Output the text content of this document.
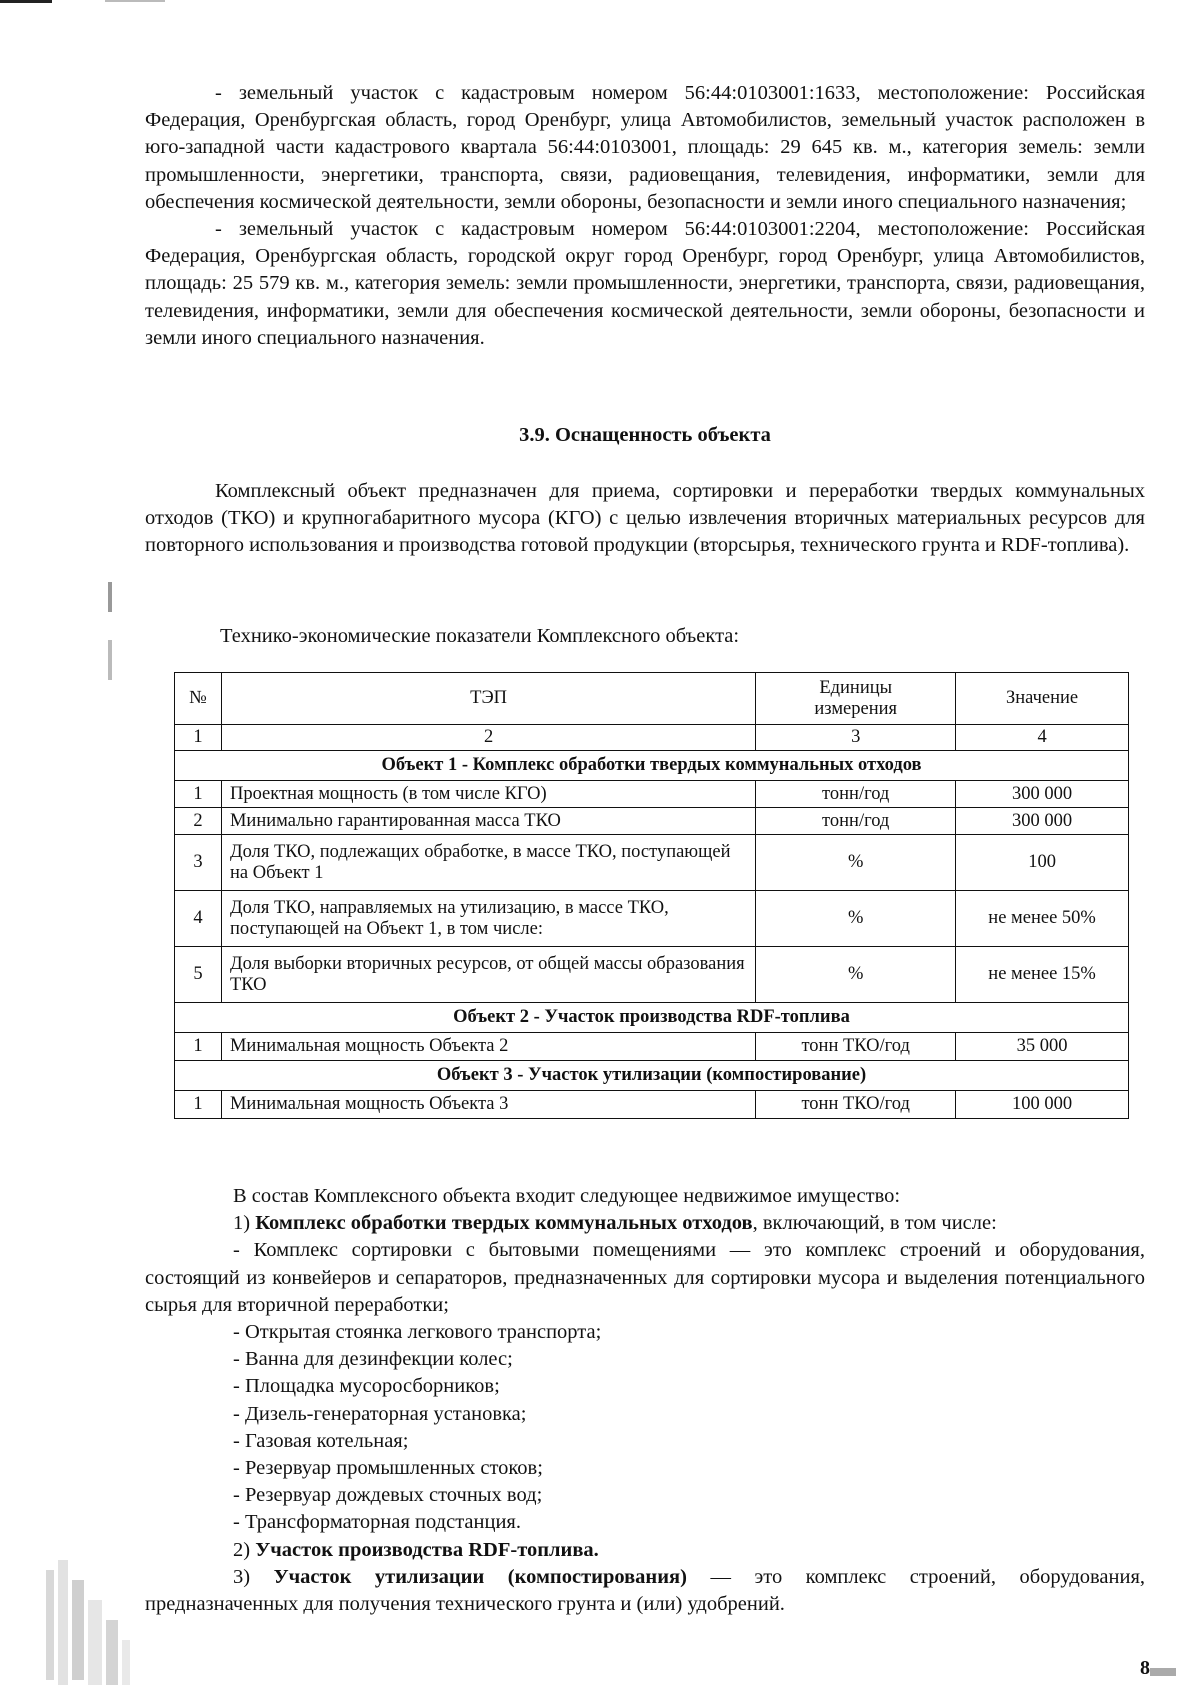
- земельный участок с кадастровым номером 56:44:0103001:1633, местоположение: Российская Федерация, Оренбургская область, город Оренбург, улица Автомобилистов, земельный участок расположен в юго-западной части кадастрового квартала 56:44:0103001, площадь: 29 645 кв. м., категория земель: земли промышленности, энергетики, транспорта, связи, радиовещания, телевидения, информатики, земли для обеспечения космической деятельности, земли обороны, безопасности и земли иного специального назначения;

- земельный участок с кадастровым номером 56:44:0103001:2204, местоположение: Российская Федерация, Оренбургская область, городской округ город Оренбург, город Оренбург, улица Автомобилистов, площадь: 25 579 кв. м., категория земель: земли промышленности, энергетики, транспорта, связи, радиовещания, телевидения, информатики, земли для обеспечения космической деятельности, земли обороны, безопасности и земли иного специального назначения.

3.9. Оснащенность объекта

Комплексный объект предназначен для приема, сортировки и переработки твердых коммунальных отходов (ТКО) и крупногабаритного мусора (КГО) с целью извлечения вторичных материальных ресурсов для повторного использования и производства готовой продукции (вторсырья, технического грунта и RDF-топлива).

Технико-экономические показатели Комплексного объекта:
№	ТЭП	Единицы измерения	Значение
1	2	3	4
Объект 1 - Комплекс обработки твердых коммунальных отходов			
1	Проектная мощность (в том числе КГО)	тонн/год	300 000
2	Минимально гарантированная масса ТКО	тонн/год	300 000
3	Доля ТКО, подлежащих обработке, в массе ТКО, поступающей на Объект 1	%	100
4	Доля ТКО, направляемых на утилизацию, в массе ТКО, поступающей на Объект 1, в том числе:	%	не менее 50%
5	Доля выборки вторичных ресурсов, от общей массы образования ТКО	%	не менее 15%
Объект 2 - Участок производства RDF-топлива			
1	Минимальная мощность Объекта 2	тонн ТКО/год	35 000
Объект 3 - Участок утилизации (компостирование)			
1	Минимальная мощность Объекта 3	тонн ТКО/год	100 000

В состав Комплексного объекта входит следующее недвижимое имущество:

1) Комплекс обработки твердых коммунальных отходов, включающий, в том числе:

- Комплекс сортировки с бытовыми помещениями — это комплекс строений и оборудования, состоящий из конвейеров и сепараторов, предназначенных для сортировки мусора и выделения потенциального сырья для вторичной переработки;

- Открытая стоянка легкового транспорта;

- Ванна для дезинфекции колес;

- Площадка мусоросборников;

- Дизель-генераторная установка;

- Газовая котельная;

- Резервуар промышленных стоков;

- Резервуар дождевых сточных вод;

- Трансформаторная подстанция.

2) Участок производства RDF-топлива.

3) Участок утилизации (компостирования) — это комплекс строений, оборудования, предназначенных для получения технического грунта и (или) удобрений.

8
